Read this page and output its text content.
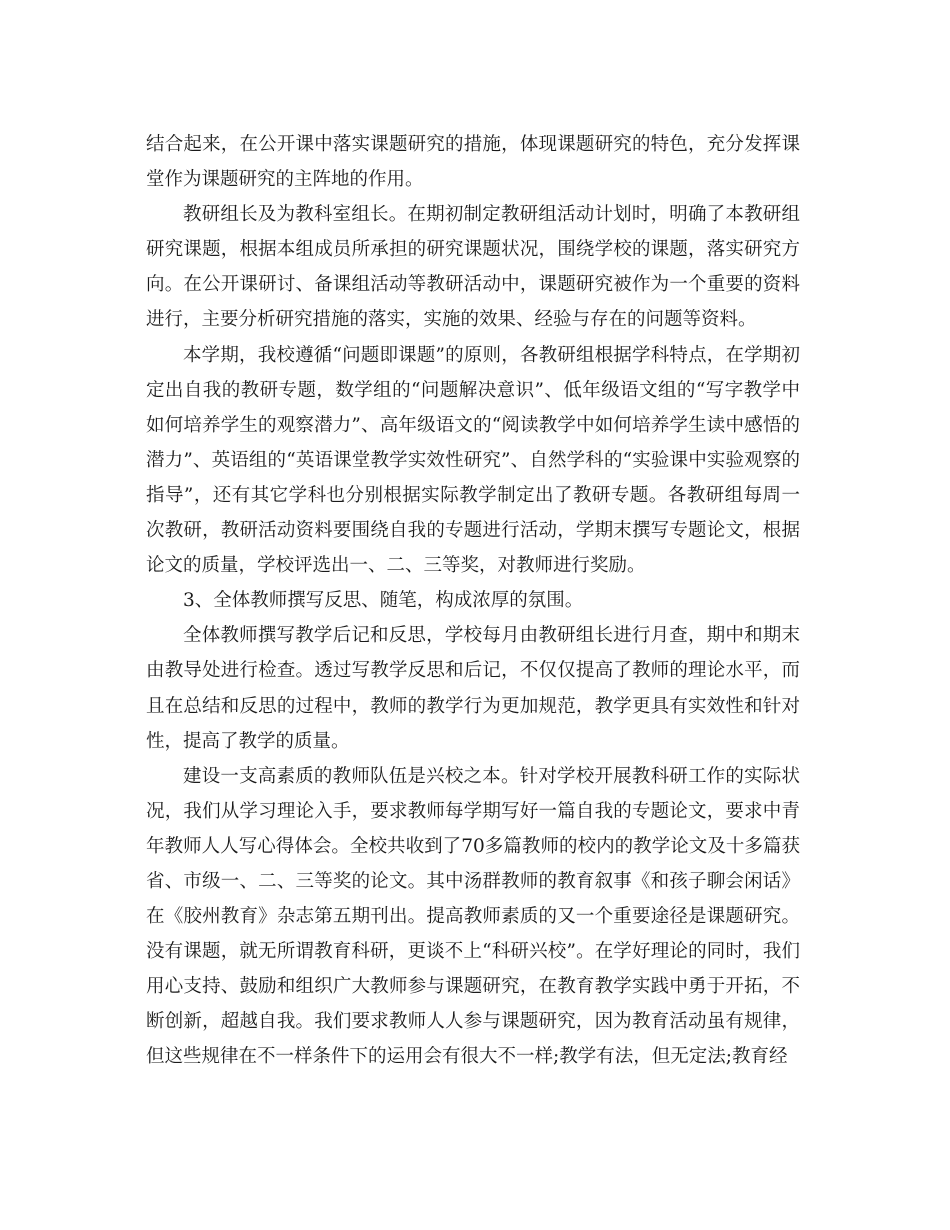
结合起来，在公开课中落实课题研究的措施，体现课题研究的特色，充分发挥课堂作为课题研究的主阵地的作用。

教研组长及为教科室组长。在期初制定教研组活动计划时，明确了本教研组研究课题，根据本组成员所承担的研究课题状况，围绕学校的课题，落实研究方向。在公开课研讨、备课组活动等教研活动中，课题研究被作为一个重要的资料进行，主要分析研究措施的落实，实施的效果、经验与存在的问题等资料。

本学期，我校遵循“问题即课题”的原则，各教研组根据学科特点，在学期初定出自我的教研专题，数学组的“问题解决意识”、低年级语文组的“写字教学中如何培养学生的观察潜力”、高年级语文的“阅读教学中如何培养学生读中感悟的潜力”、英语组的“英语课堂教学实效性研究”、自然学科的“实验课中实验观察的指导”，还有其它学科也分别根据实际教学制定出了教研专题。各教研组每周一次教研，教研活动资料要围绕自我的专题进行活动，学期末撰写专题论文，根据论文的质量，学校评选出一、二、三等奖，对教师进行奖励。

3、全体教师撰写反思、随笔，构成浓厚的氛围。

全体教师撰写教学后记和反思，学校每月由教研组长进行月查，期中和期末由教导处进行检查。透过写教学反思和后记，不仅仅提高了教师的理论水平，而且在总结和反思的过程中，教师的教学行为更加规范，教学更具有实效性和针对性，提高了教学的质量。

建设一支高素质的教师队伍是兴校之本。针对学校开展教科研工作的实际状况，我们从学习理论入手，要求教师每学期写好一篇自我的专题论文，要求中青年教师人人写心得体会。全校共收到了70多篇教师的校内的教学论文及十多篇获省、市级一、二、三等奖的论文。其中汤群教师的教育叙事《和孩子聊会闲话》在《胶州教育》杂志第五期刊出。提高教师素质的又一个重要途径是课题研究。没有课题，就无所谓教育科研，更谈不上“科研兴校”。在学好理论的同时，我们用心支持、鼓励和组织广大教师参与课题研究，在教育教学实践中勇于开拓，不断创新，超越自我。我们要求教师人人参与课题研究，因为教育活动虽有规律，但这些规律在不一样条件下的运用会有很大不一样;教学有法，但无定法;教育经
